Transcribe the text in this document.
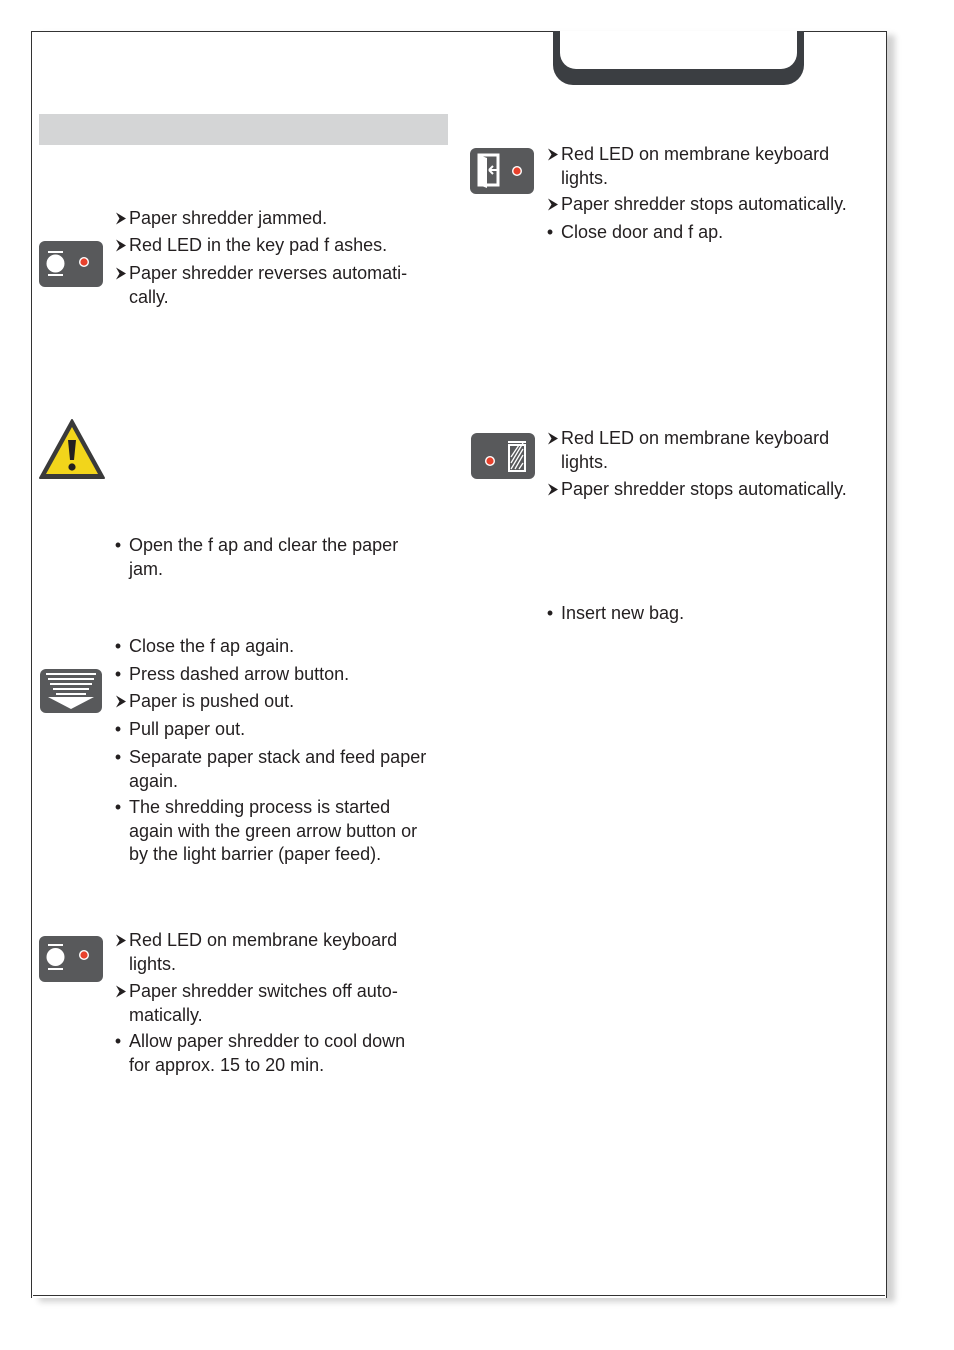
Paper shredder jammed.
Red LED in the key pad f ashes.
Paper shredder reverses automati-
cally.
• Open the f ap and clear the paper
jam.
• Close the f ap again.
• Press dashed arrow button.
Paper is pushed out.
• Pull paper out.
• Separate paper stack and feed paper
again.
• The shredding process is started
again with the green arrow button or
by the light barrier (paper feed).
Red LED on membrane keyboard
lights.
Paper shredder switches off auto-
matically.
• Allow paper shredder to cool down
for approx. 15 to 20 min.
Red LED on membrane keyboard
lights.
Paper shredder stops automatically.
• Close door and f ap.
Red LED on membrane keyboard
lights.
Paper shredder stops automatically.
• Insert new bag.
